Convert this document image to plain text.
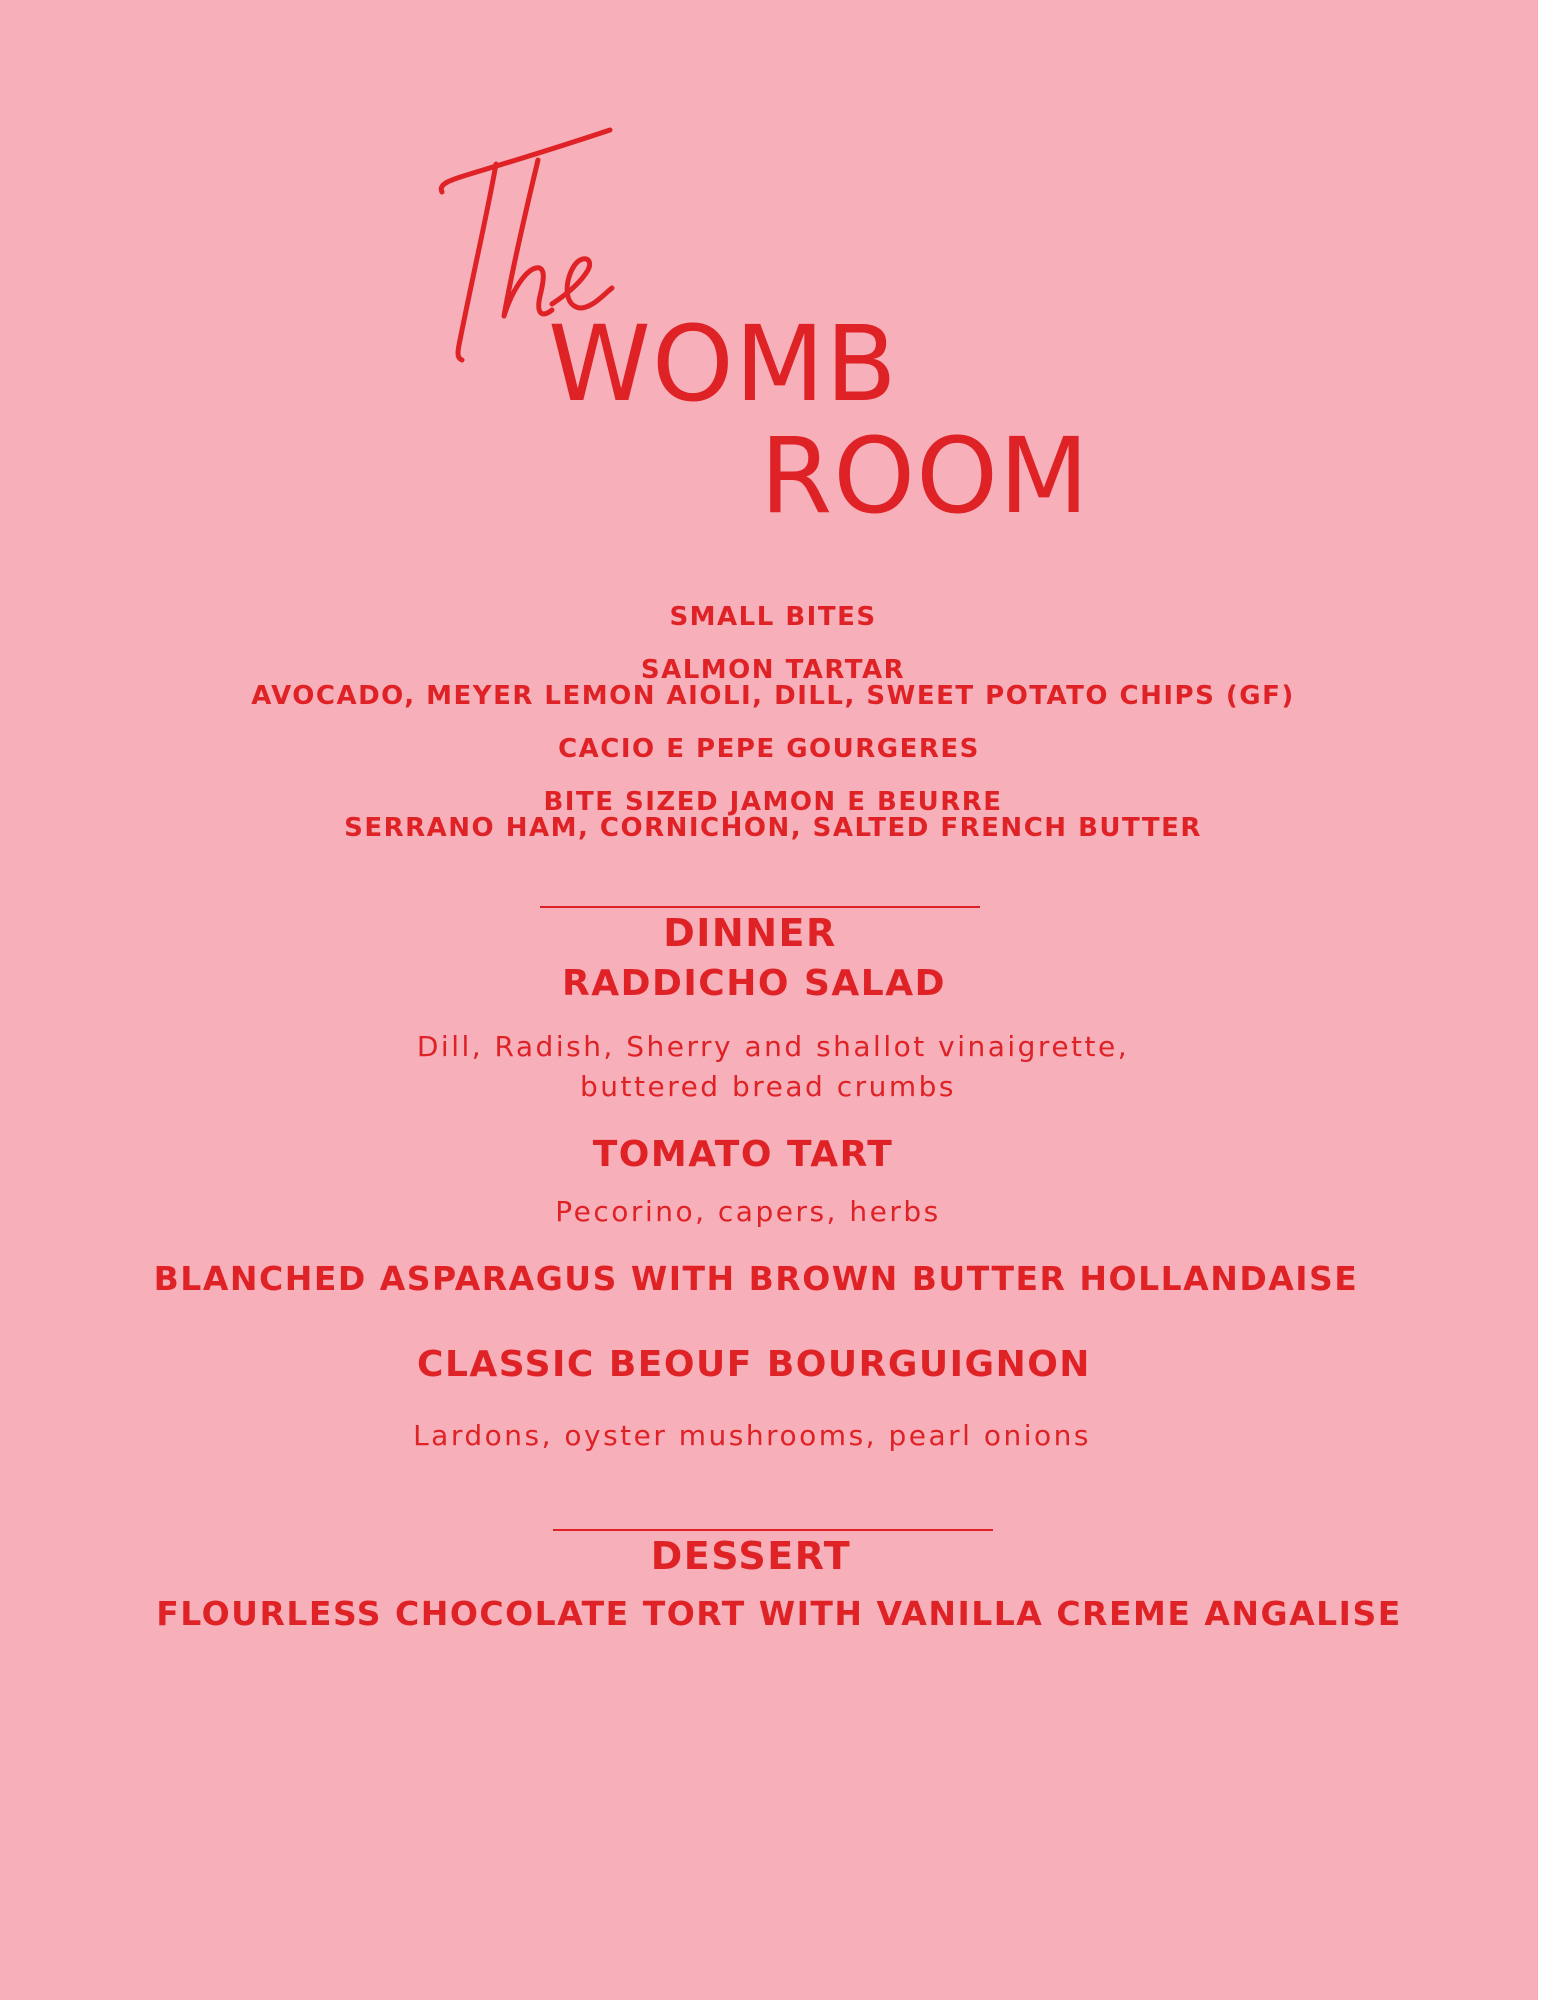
WOMB
ROOM
SMALL BITES
SALMON TARTAR
AVOCADO, MEYER LEMON AIOLI, DILL, SWEET POTATO CHIPS (GF)
CACIO E PEPE GOURGERES
BITE SIZED JAMON E BEURRE
SERRANO HAM, CORNICHON, SALTED FRENCH BUTTER
DINNER
RADDICHO SALAD
Dill, Radish, Sherry and shallot vinaigrette,
buttered bread crumbs
TOMATO TART
Pecorino, capers, herbs
BLANCHED ASPARAGUS WITH BROWN BUTTER HOLLANDAISE
CLASSIC BEOUF BOURGUIGNON
Lardons, oyster mushrooms, pearl onions
DESSERT
FLOURLESS CHOCOLATE TORT WITH VANILLA CREME ANGALISE
